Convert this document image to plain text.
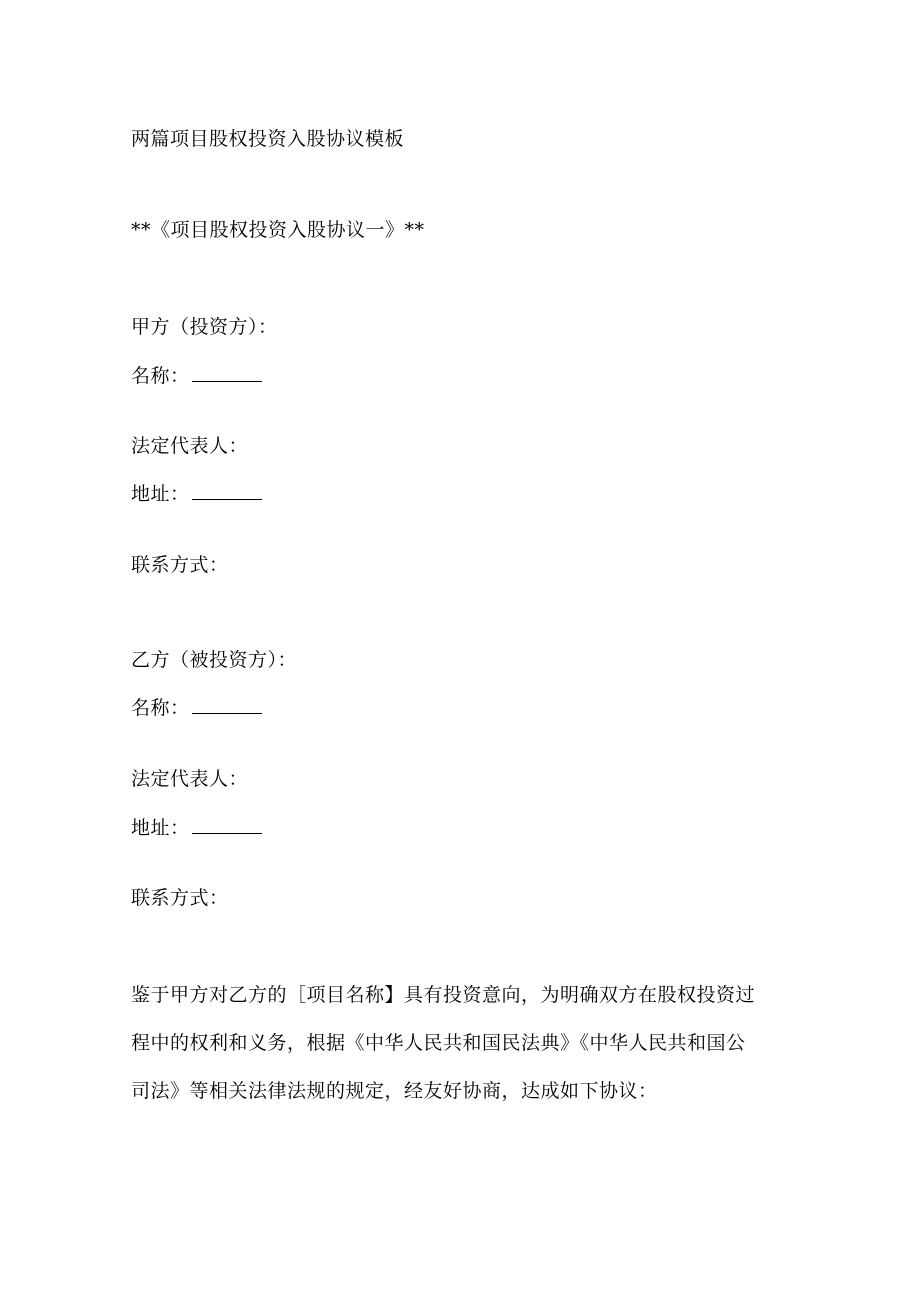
两篇项目股权投资入股协议模板
**《项目股权投资入股协议一》**
甲方（投资方）：
名称：
法定代表人：
地址：
联系方式：
乙方（被投资方）：
名称：
法定代表人：
地址：
联系方式：
鉴于甲方对乙方的［项目名称】具有投资意向，为明确双方在股权投资过
程中的权利和义务，根据《中华人民共和国民法典》《中华人民共和国公
司法》等相关法律法规的规定，经友好协商，达成如下协议：
